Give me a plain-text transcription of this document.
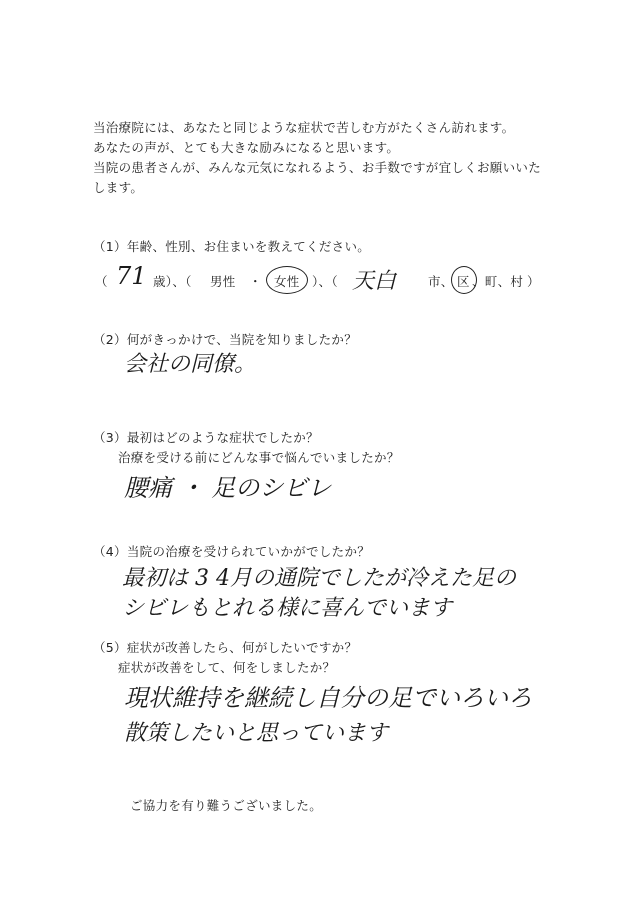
当治療院には、あなたと同じような症状で苦しむ方がたくさん訪れます。
あなたの声が、とても大きな励みになると思います。
当院の患者さんが、みんな元気になれるよう、お手数ですが宜しくお願いいた
します。
（1）年齢、性別、お住まいを教えてください。
（ 71 歳）、（ 男性 ・ 女性 ）、（ 天白	市、 区 、町、村 ）
（2）何がきっかけで、当院を知りましたか？
会社の同僚。
（3）最初はどのような症状でしたか？
治療を受ける前にどんな事で悩んでいましたか？
腰痛 ・ 足のシビレ
（4）当院の治療を受けられていかがでしたか？
最初は 3 4月の通院でしたが冷えた足の
シビレもとれる様に喜んでいます
（5）症状が改善したら、何がしたいですか？
症状が改善をして、何をしましたか？
現状維持を継続し自分の足でいろいろ
散策したいと思っています
ご協力を有り難うございました。
